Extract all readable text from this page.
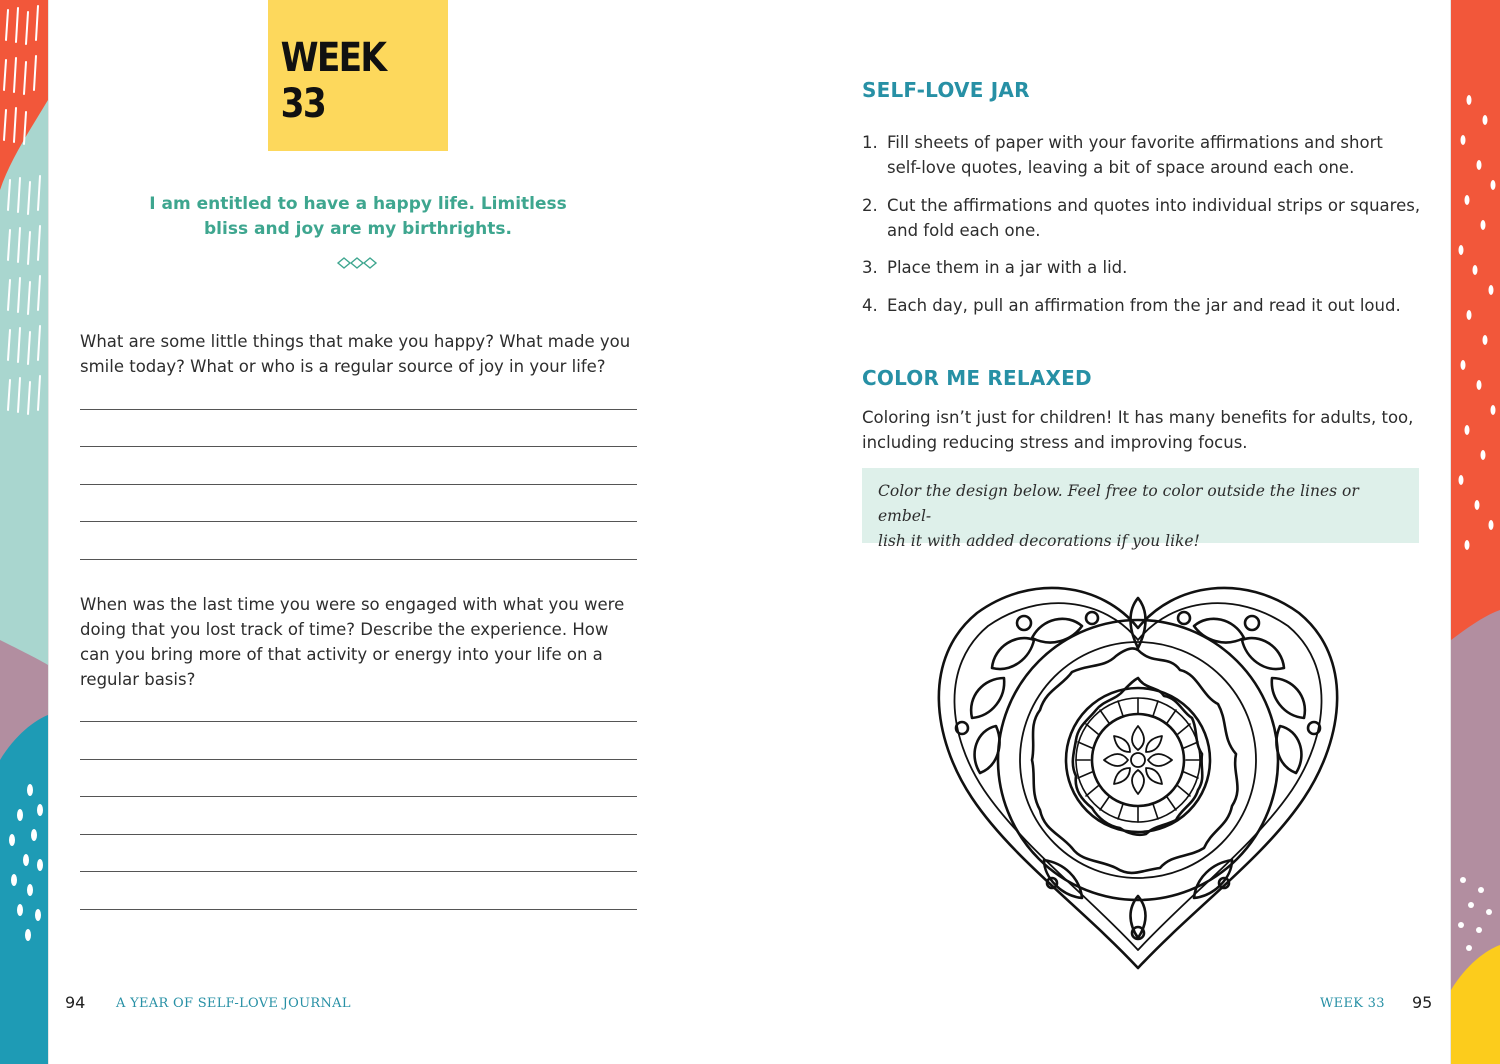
WEEK 33
I am entitled to have a happy life. Limitless
bliss and joy are my birthrights.
What are some little things that make you happy? What made you smile today? What or who is a regular source of joy in your life?
When was the last time you were so engaged with what you were doing that you lost track of time? Describe the experience. How can you bring more of that activity or energy into your life on a regular basis?
94 A YEAR OF SELF-LOVE JOURNAL
SELF-LOVE JAR
1. Fill sheets of paper with your favorite affirmations and short self-love quotes, leaving a bit of space around each one.
2. Cut the affirmations and quotes into individual strips or squares, and fold each one.
3. Place them in a jar with a lid.
4. Each day, pull an affirmation from the jar and read it out loud.
COLOR ME RELAXED
Coloring isn’t just for children! It has many benefits for adults, too, including reducing stress and improving focus.
Color the design below. Feel free to color outside the lines or embel-
lish it with added decorations if you like!
WEEK 33 95
